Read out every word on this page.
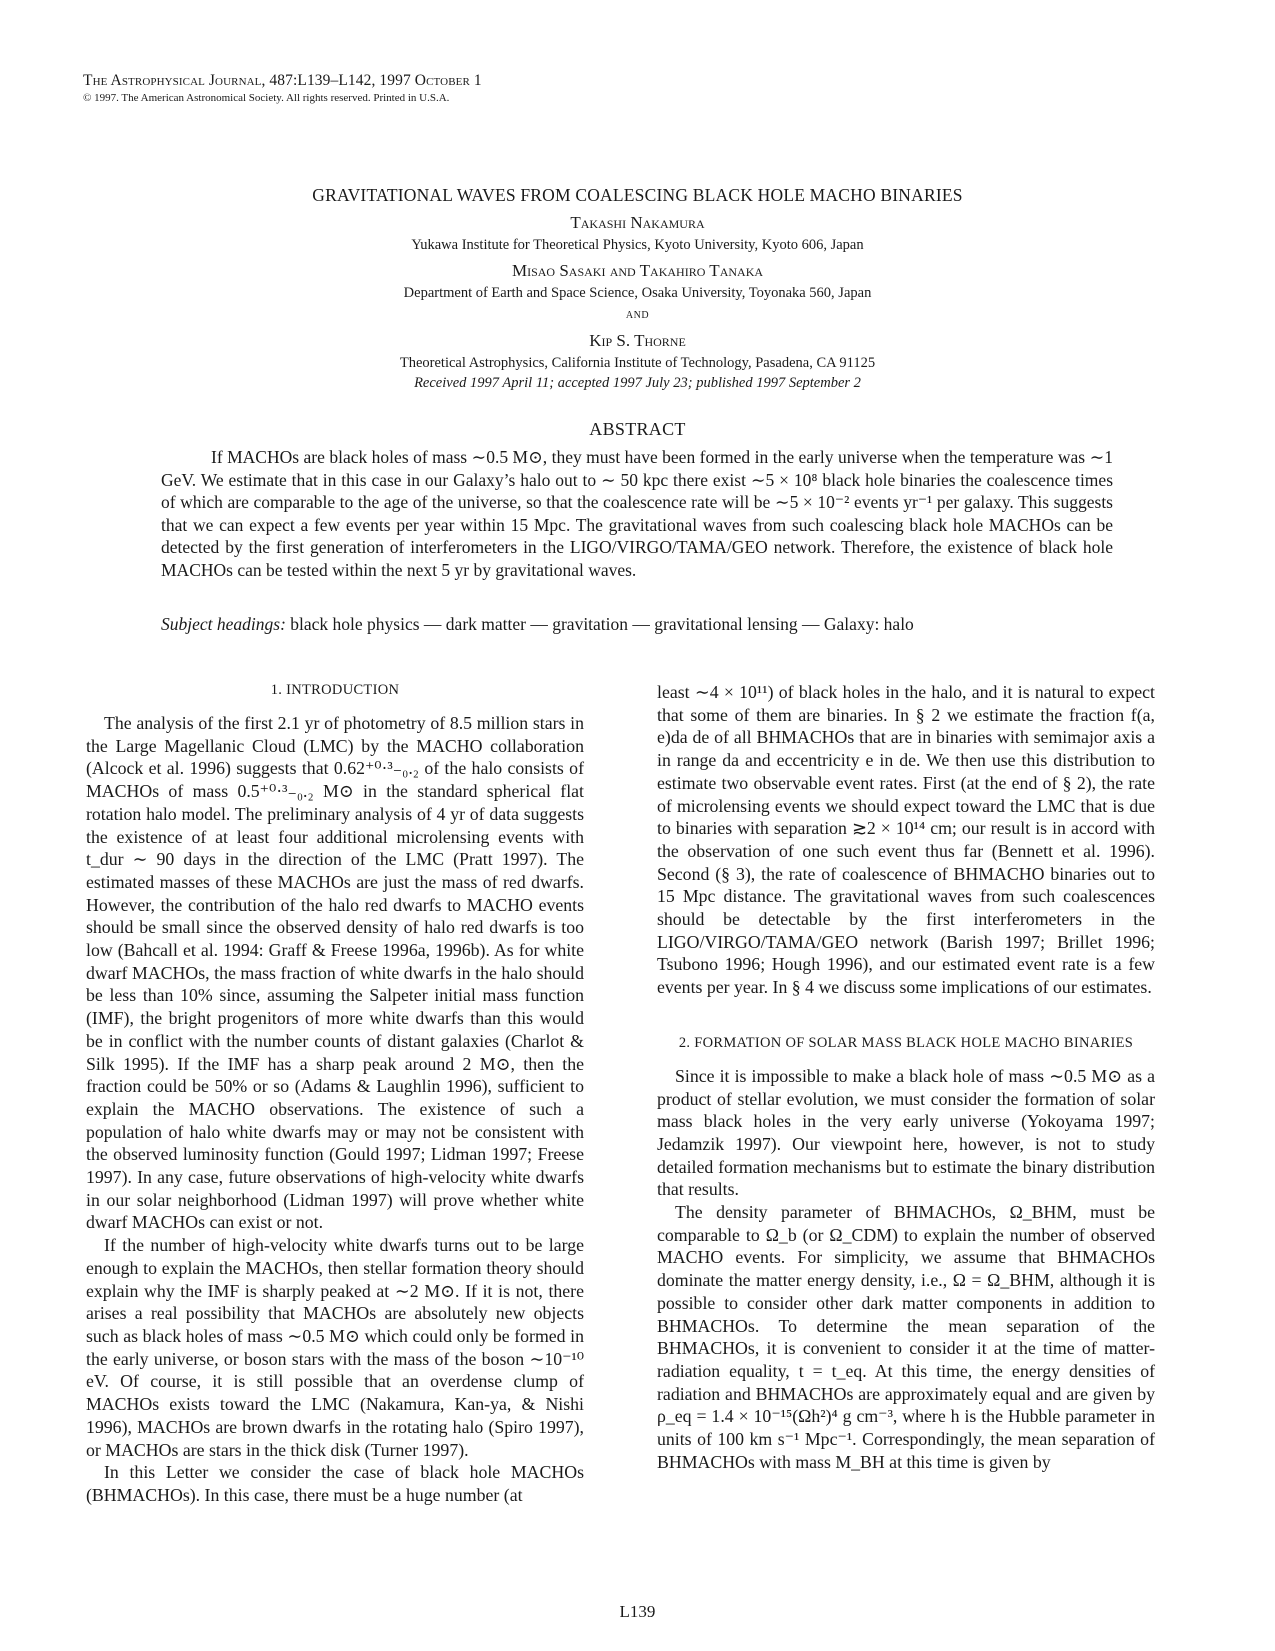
The Astrophysical Journal, 487:L139–L142, 1997 October 1
© 1997. The American Astronomical Society. All rights reserved. Printed in U.S.A.
GRAVITATIONAL WAVES FROM COALESCING BLACK HOLE MACHO BINARIES
Takashi Nakamura
Yukawa Institute for Theoretical Physics, Kyoto University, Kyoto 606, Japan
Misao Sasaki and Takahiro Tanaka
Department of Earth and Space Science, Osaka University, Toyonaka 560, Japan
and
Kip S. Thorne
Theoretical Astrophysics, California Institute of Technology, Pasadena, CA 91125
Received 1997 April 11; accepted 1997 July 23; published 1997 September 2
ABSTRACT

If MACHOs are black holes of mass ∼0.5 M⊙, they must have been formed in the early universe when the temperature was ∼1 GeV. We estimate that in this case in our Galaxy’s halo out to ∼ 50 kpc there exist ∼5 × 10⁸ black hole binaries the coalescence times of which are comparable to the age of the universe, so that the coalescence rate will be ∼5 × 10⁻² events yr⁻¹ per galaxy. This suggests that we can expect a few events per year within 15 Mpc. The gravitational waves from such coalescing black hole MACHOs can be detected by the first generation of interferometers in the LIGO/VIRGO/TAMA/GEO network. Therefore, the existence of black hole MACHOs can be tested within the next 5 yr by gravitational waves.

Subject headings: black hole physics — dark matter — gravitation — gravitational lensing — Galaxy: halo
1. INTRODUCTION

The analysis of the first 2.1 yr of photometry of 8.5 million stars in the Large Magellanic Cloud (LMC) by the MACHO collaboration (Alcock et al. 1996) suggests that 0.62⁺⁰·³₋₀.₂ of the halo consists of MACHOs of mass 0.5⁺⁰·³₋₀.₂ M⊙ in the standard spherical flat rotation halo model. The preliminary analysis of 4 yr of data suggests the existence of at least four additional microlensing events with t_dur ∼ 90 days in the direction of the LMC (Pratt 1997). The estimated masses of these MACHOs are just the mass of red dwarfs. However, the contribution of the halo red dwarfs to MACHO events should be small since the observed density of halo red dwarfs is too low (Bahcall et al. 1994: Graff & Freese 1996a, 1996b). As for white dwarf MACHOs, the mass fraction of white dwarfs in the halo should be less than 10% since, assuming the Salpeter initial mass function (IMF), the bright progenitors of more white dwarfs than this would be in conflict with the number counts of distant galaxies (Charlot & Silk 1995). If the IMF has a sharp peak around 2 M⊙, then the fraction could be 50% or so (Adams & Laughlin 1996), sufficient to explain the MACHO observations. The existence of such a population of halo white dwarfs may or may not be consistent with the observed luminosity function (Gould 1997; Lidman 1997; Freese 1997). In any case, future observations of high-velocity white dwarfs in our solar neighborhood (Lidman 1997) will prove whether white dwarf MACHOs can exist or not.

If the number of high-velocity white dwarfs turns out to be large enough to explain the MACHOs, then stellar formation theory should explain why the IMF is sharply peaked at ∼2 M⊙. If it is not, there arises a real possibility that MACHOs are absolutely new objects such as black holes of mass ∼0.5 M⊙ which could only be formed in the early universe, or boson stars with the mass of the boson ∼10⁻¹⁰ eV. Of course, it is still possible that an overdense clump of MACHOs exists toward the LMC (Nakamura, Kan-ya, & Nishi 1996), MACHOs are brown dwarfs in the rotating halo (Spiro 1997), or MACHOs are stars in the thick disk (Turner 1997).

In this Letter we consider the case of black hole MACHOs (BHMACHOs). In this case, there must be a huge number (at

least ∼4 × 10¹¹) of black holes in the halo, and it is natural to expect that some of them are binaries. In § 2 we estimate the fraction f(a, e)da de of all BHMACHOs that are in binaries with semimajor axis a in range da and eccentricity e in de. We then use this distribution to estimate two observable event rates. First (at the end of § 2), the rate of microlensing events we should expect toward the LMC that is due to binaries with separation ≳2 × 10¹⁴ cm; our result is in accord with the observation of one such event thus far (Bennett et al. 1996). Second (§ 3), the rate of coalescence of BHMACHO binaries out to 15 Mpc distance. The gravitational waves from such coalescences should be detectable by the first interferometers in the LIGO/VIRGO/TAMA/GEO network (Barish 1997; Brillet 1996; Tsubono 1996; Hough 1996), and our estimated event rate is a few events per year. In § 4 we discuss some implications of our estimates.

2. FORMATION OF SOLAR MASS BLACK HOLE MACHO BINARIES

Since it is impossible to make a black hole of mass ∼0.5 M⊙ as a product of stellar evolution, we must consider the formation of solar mass black holes in the very early universe (Yokoyama 1997; Jedamzik 1997). Our viewpoint here, however, is not to study detailed formation mechanisms but to estimate the binary distribution that results.

The density parameter of BHMACHOs, Ω_BHM, must be comparable to Ω_b (or Ω_CDM) to explain the number of observed MACHO events. For simplicity, we assume that BHMACHOs dominate the matter energy density, i.e., Ω = Ω_BHM, although it is possible to consider other dark matter components in addition to BHMACHOs. To determine the mean separation of the BHMACHOs, it is convenient to consider it at the time of matter-radiation equality, t = t_eq. At this time, the energy densities of radiation and BHMACHOs are approximately equal and are given by ρ_eq = 1.4 × 10⁻¹⁵(Ωh²)⁴ g cm⁻³, where h is the Hubble parameter in units of 100 km s⁻¹ Mpc⁻¹. Correspondingly, the mean separation of BHMACHOs with mass M_BH at this time is given by

L139
